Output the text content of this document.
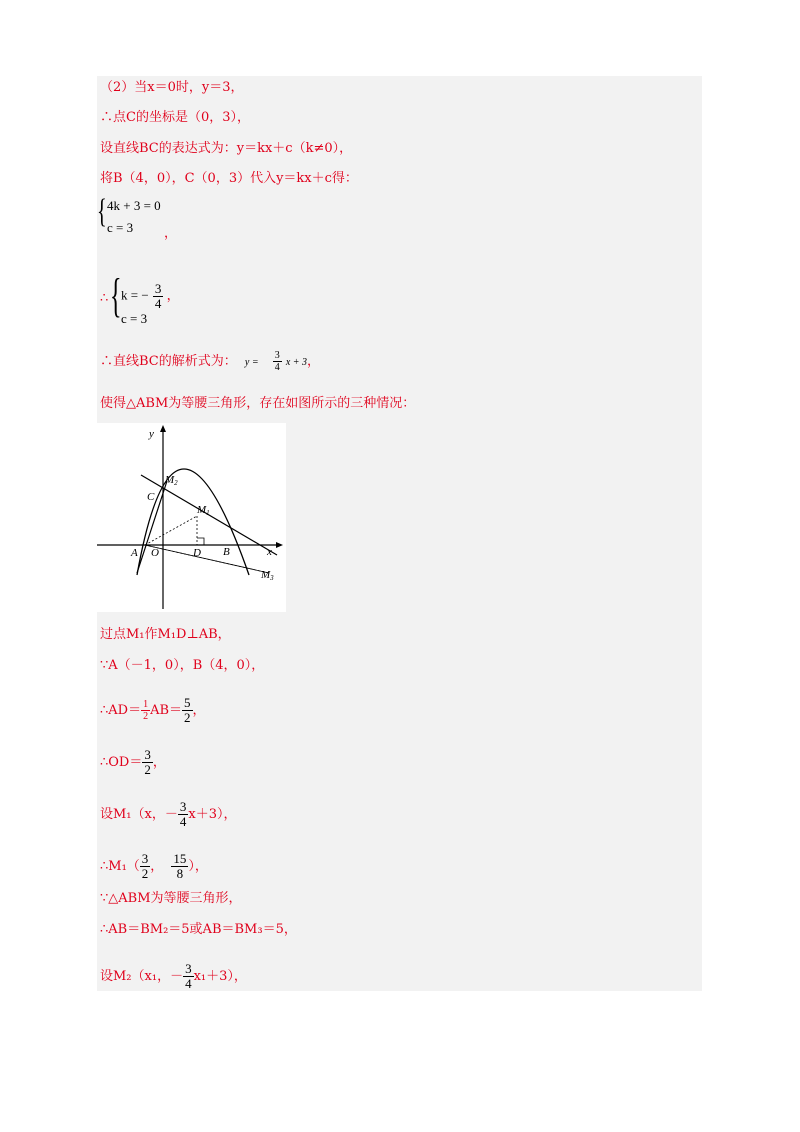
（2）当x＝0时，y＝3，
∴点C的坐标是（0，3），
设直线BC的表达式为：y＝kx＋c（k≠0），
将B（4，0），C（0，3）代入y＝kx＋c得：
{ 4k + 3 = 0
c = 3 ，
∴ { k = − $\frac{3}{4}$ ，
c = 3
∴直线BC的解析式为： $y = \frac{3}{4}$ x + 3，
使得△ABM为等腰三角形，存在如图所示的三种情况：
y
x
A O	D B
C
M2
M1
M3
过点M₁作M₁D⊥AB，
∵A（－1，0），B（4，0），
∴AD＝ $\frac{1}{2} AB= \frac{5}{2}$ ，
∴OD＝ $\frac{3}{2}$ ，
设M₁（x，－ $\frac{3}{4} x+3$），
∴M₁（ $\frac{3}{2}$ ， $\frac{15}{8}$ ），
∵△ABM为等腰三角形，
∴AB＝BM₂＝5或AB＝BM₃＝5，
设M₂（x₁，－ $\frac{3}{4} x_1+3$），
